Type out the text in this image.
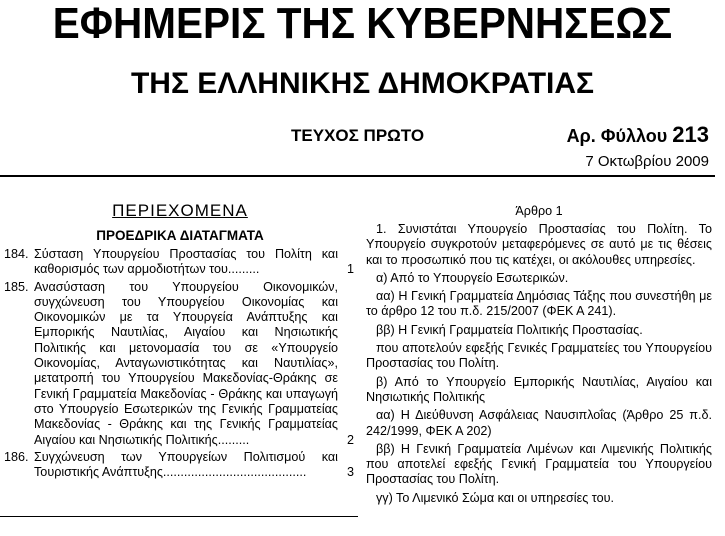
ΕΦΗΜΕΡΙΣ ΤΗΣ ΚΥΒΕΡΝΗΣΕΩΣ
ΤΗΣ ΕΛΛΗΝΙΚΗΣ ΔΗΜΟΚΡΑΤΙΑΣ
ΤΕΥΧΟΣ ΠΡΩΤΟ	Αρ. Φύλλου 213
7 Οκτωβρίου 2009
ΠΕΡΙΕΧΟΜΕΝΑ
ΠΡΟΕΔΡΙΚΑ ΔΙΑΤΑΓΜΑΤΑ
184. Σύσταση Υπουργείου Προστασίας του Πολίτη και καθορισμός των αρμοδιοτήτων του.........	1
185. Ανασύσταση του Υπουργείου Οικονομικών, συγχώνευση του Υπουργείου Οικονομίας και Οικονομικών με τα Υπουργεία Ανάπτυξης και Εμπορικής Ναυτιλίας, Αιγαίου και Νησιωτικής Πολιτικής και μετονομασία του σε «Υπουργείο Οικονομίας, Ανταγωνιστικότητας και Ναυτιλίας», μετατροπή του Υπουργείου Μακεδονίας-Θράκης σε Γενική Γραμματεία Μακεδονίας - Θράκης και υπαγωγή στο Υπουργείο Εσωτερικών της Γενικής Γραμματείας Μακεδονίας - Θράκης και της Γενικής Γραμματείας Αιγαίου και Νησιωτικής Πολιτικής.........	2
186. Συγχώνευση των Υπουργείων Πολιτισμού και Τουριστικής Ανάπτυξης.........................................	3
Άρθρο 1
1. Συνιστάται Υπουργείο Προστασίας του Πολίτη. Το Υπουργείο συγκροτούν μεταφερόμενες σε αυτό με τις θέσεις και το προσωπικό που τις κατέχει, οι ακόλουθες υπηρεσίες.
α) Από το Υπουργείο Εσωτερικών.
αα) Η Γενική Γραμματεία Δημόσιας Τάξης που συνεστήθη με το άρθρο 12 του π.δ. 215/2007 (ΦΕΚ Α 241).
ββ) Η Γενική Γραμματεία Πολιτικής Προστασίας.
που αποτελούν εφεξής Γενικές Γραμματείες του Υπουργείου Προστασίας του Πολίτη.
β) Από το Υπουργείο Εμπορικής Ναυτιλίας, Αιγαίου και Νησιωτικής Πολιτικής
αα) Η Διεύθυνση Ασφάλειας Ναυσιπλοΐας (Άρθρο 25 π.δ. 242/1999, ΦΕΚ Α 202)
ββ) Η Γενική Γραμματεία Λιμένων και Λιμενικής Πολιτικής που αποτελεί εφεξής Γενική Γραμματεία του Υπουργείου Προστασίας του Πολίτη.
γγ) Το Λιμενικό Σώμα και οι υπηρεσίες του.
